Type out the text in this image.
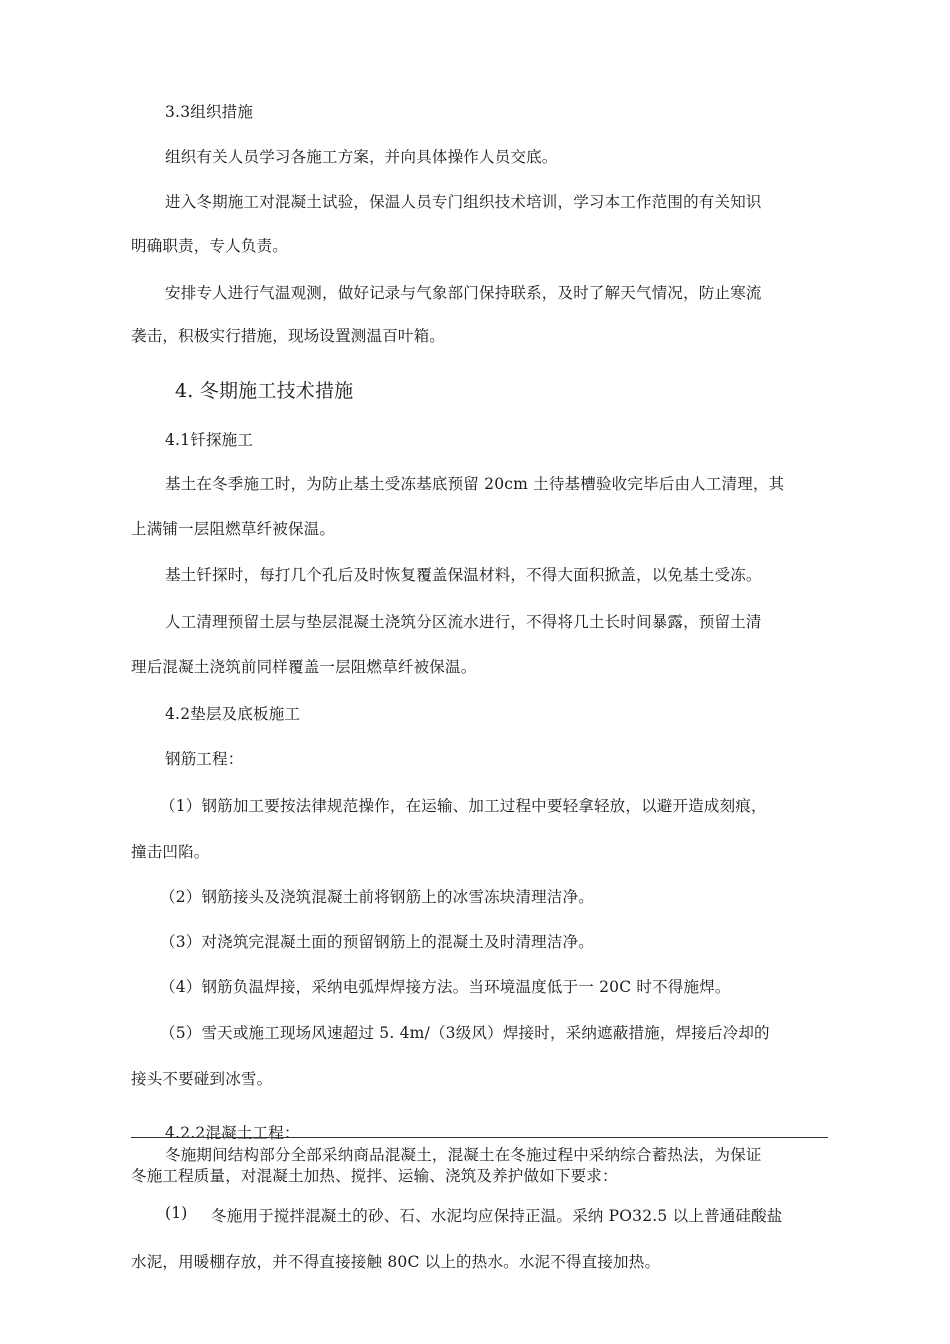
3.3组织措施
组织有关人员学习各施工方案，并向具体操作人员交底。
进入冬期施工对混凝土试验，保温人员专门组织技术培训，学习本工作范围的有关知识
明确职责，专人负责。
安排专人进行气温观测，做好记录与气象部门保持联系，及时了解天气情况，防止寒流
袭击，积极实行措施，现场设置测温百叶箱。
4. 冬期施工技术措施
4.1钎探施工
基土在冬季施工时，为防止基土受冻基底预留 20cm 土待基槽验收完毕后由人工清理，其
上满铺一层阻燃草纤被保温。
基土钎探时，每打几个孔后及时恢复覆盖保温材料，不得大面积掀盖，以免基土受冻。
人工清理预留土层与垫层混凝土浇筑分区流水进行，不得将几土长时间暴露，预留土清
理后混凝土浇筑前同样覆盖一层阻燃草纤被保温。
4.2垫层及底板施工
钢筋工程：
（1）钢筋加工要按法律规范操作，在运输、加工过程中要轻拿轻放，以避开造成刻痕，
撞击凹陷。
（2）钢筋接头及浇筑混凝土前将钢筋上的冰雪冻块清理洁净。
（3）对浇筑完混凝土面的预留钢筋上的混凝土及时清理洁净。
（4）钢筋负温焊接，采纳电弧焊焊接方法。当环境温度低于一 20C 时不得施焊。
（5）雪天或施工现场风速超过 5. 4m/（3级风）焊接时，采纳遮蔽措施，焊接后冷却的
接头不要碰到冰雪。
4.2.2混凝土工程：
冬施期间结构部分全部采纳商品混凝土，混凝土在冬施过程中采纳综合蓄热法，为保证
冬施工程质量，对混凝土加热、搅拌、运输、浇筑及养护做如下要求：
(1)	冬施用于搅拌混凝土的砂、石、水泥均应保持正温。采纳 PO32.5 以上普通硅酸盐
水泥，用暖棚存放，并不得直接接触 80C 以上的热水。水泥不得直接加热。
